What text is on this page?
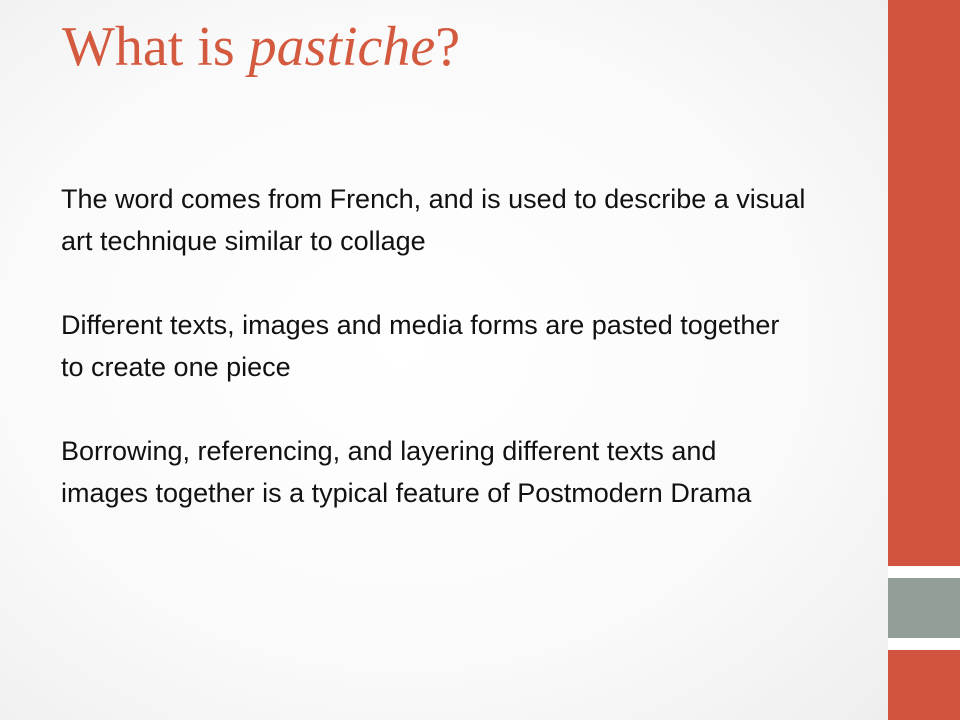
What is pastiche?

The word comes from French, and is used to describe a visual art technique similar to collage

Different texts, images and media forms are pasted together to create one piece

Borrowing, referencing, and layering different texts and images together is a typical feature of Postmodern Drama
